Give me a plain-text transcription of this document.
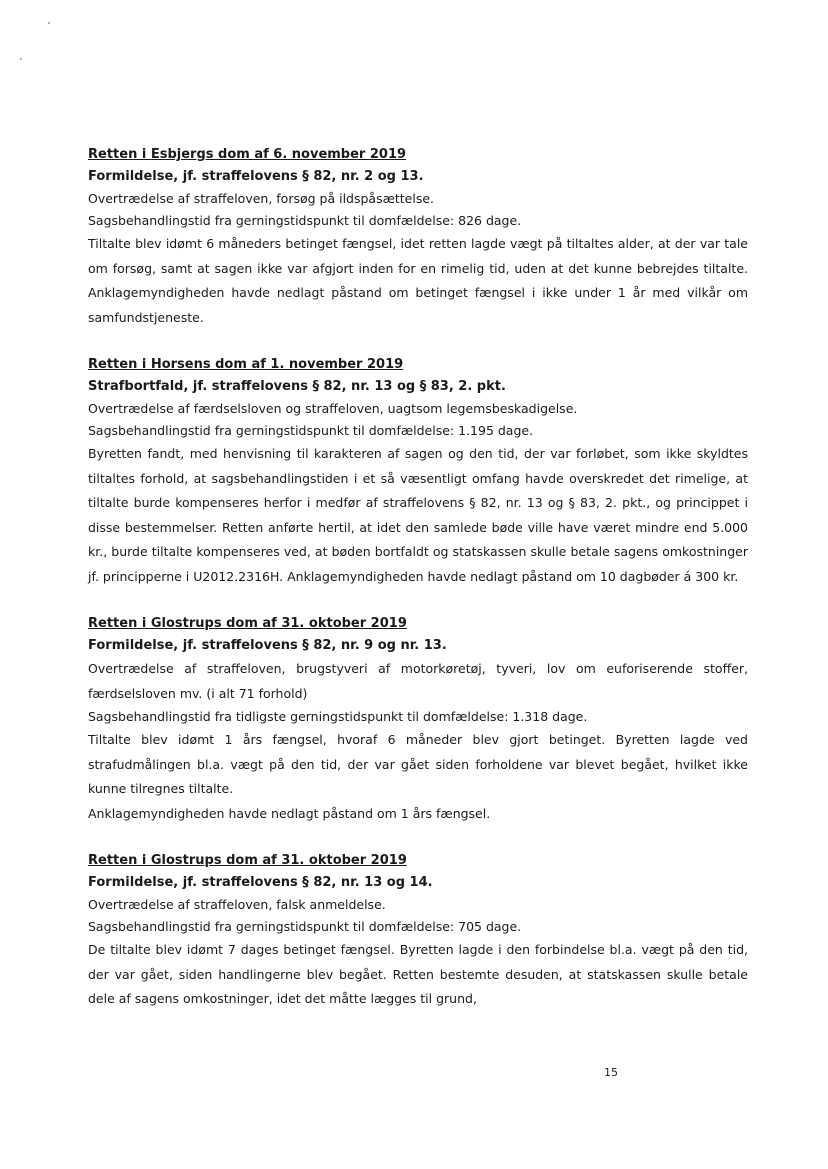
Retten i Esbjergs dom af 6. november 2019

Formildelse, jf. straffelovens § 82, nr. 2 og 13.

Overtrædelse af straffeloven, forsøg på ildspåsættelse.

Sagsbehandlingstid fra gerningstidspunkt til domfældelse: 826 dage.

Tiltalte blev idømt 6 måneders betinget fængsel, idet retten lagde vægt på tiltaltes alder, at der var tale om forsøg, samt at sagen ikke var afgjort inden for en rimelig tid, uden at det kunne bebrejdes tiltalte. Anklagemyndigheden havde nedlagt påstand om betinget fængsel i ikke under 1 år med vilkår om samfundstjeneste.

Retten i Horsens dom af 1. november 2019

Strafbortfald, jf. straffelovens § 82, nr. 13 og § 83, 2. pkt.

Overtrædelse af færdselsloven og straffeloven, uagtsom legemsbeskadigelse.

Sagsbehandlingstid fra gerningstidspunkt til domfældelse: 1.195 dage.

Byretten fandt, med henvisning til karakteren af sagen og den tid, der var forløbet, som ikke skyldtes tiltaltes forhold, at sagsbehandlingstiden i et så væsentligt omfang havde overskredet det rimelige, at tiltalte burde kompenseres herfor i medfør af straffelovens § 82, nr. 13 og § 83, 2. pkt., og princippet i disse bestemmelser. Retten anførte hertil, at idet den samlede bøde ville have været mindre end 5.000 kr., burde tiltalte kompenseres ved, at bøden bortfaldt og statskassen skulle betale sagens omkostninger jf. principperne i U2012.2316H. Anklagemyndigheden havde nedlagt påstand om 10 dagbøder á 300 kr.

Retten i Glostrups dom af 31. oktober 2019

Formildelse, jf. straffelovens § 82, nr. 9 og nr. 13.

Overtrædelse af straffeloven, brugstyveri af motorkøretøj, tyveri, lov om euforiserende stoffer, færdselsloven mv. (i alt 71 forhold)

Sagsbehandlingstid fra tidligste gerningstidspunkt til domfældelse: 1.318 dage.

Tiltalte blev idømt 1 års fængsel, hvoraf 6 måneder blev gjort betinget. Byretten lagde ved strafudmålingen bl.a. vægt på den tid, der var gået siden forholdene var blevet begået, hvilket ikke kunne tilregnes tiltalte.

Anklagemyndigheden havde nedlagt påstand om 1 års fængsel.

Retten i Glostrups dom af 31. oktober 2019

Formildelse, jf. straffelovens § 82, nr. 13 og 14.

Overtrædelse af straffeloven, falsk anmeldelse.

Sagsbehandlingstid fra gerningstidspunkt til domfældelse: 705 dage.

De tiltalte blev idømt 7 dages betinget fængsel. Byretten lagde i den forbindelse bl.a. vægt på den tid, der var gået, siden handlingerne blev begået. Retten bestemte desuden, at statskassen skulle betale dele af sagens omkostninger, idet det måtte lægges til grund,

15
